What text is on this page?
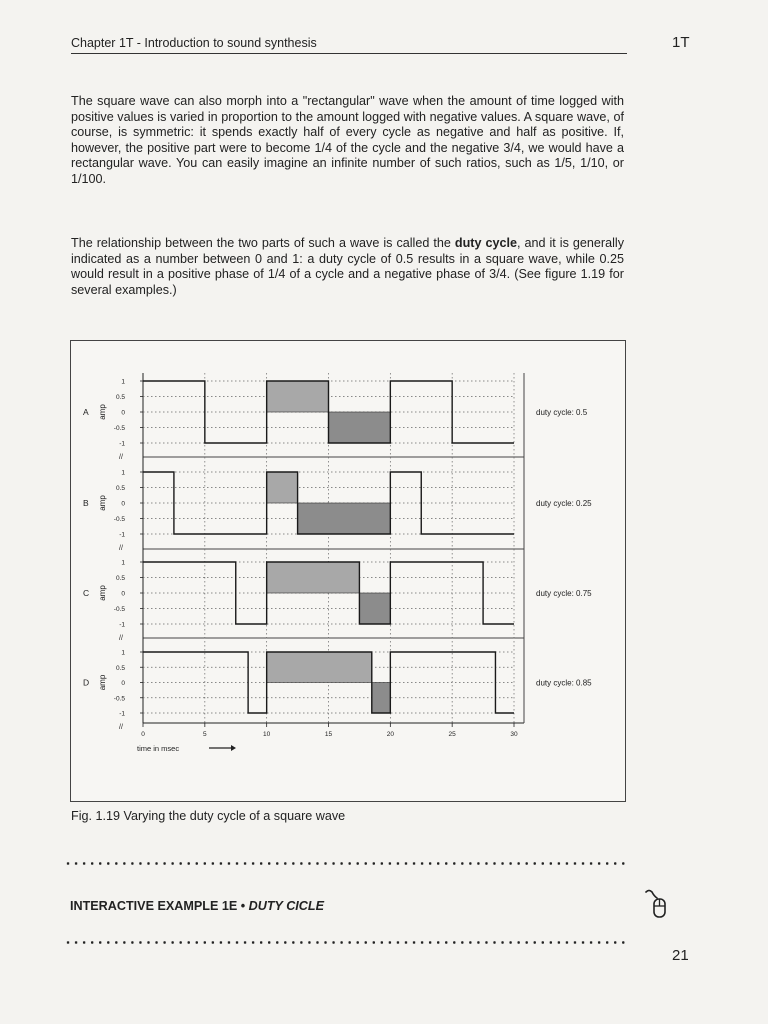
Chapter 1T - Introduction to sound synthesis	1T

The square wave can also morph into a "rectangular" wave when the amount of time logged with positive values is varied in proportion to the amount logged with negative values. A square wave, of course, is symmetric: it spends exactly half of every cycle as negative and half as positive. If, however, the positive part were to become 1/4 of the cycle and the negative 3/4, we would have a rectangular wave. You can easily imagine an infinite number of such ratios, such as 1/5, 1/10, or 1/100.

The relationship between the two parts of such a wave is called the duty cycle, and it is generally indicated as a number between 0 and 1: a duty cycle of 0.5 results in a square wave, while 0.25 would result in a positive phase of 1/4 of a cycle and a negative phase of 3/4. (See figure 1.19 for several examples.)

1
0.5
0
-0.5
-1
//
amp
A	duty cycle: 0.5
1
0.5
0
-0.5
-1
//
amp
B	duty cycle: 0.25
1
0.5
0
-0.5
-1
//
amp
C	duty cycle: 0.75
1
0.5
0
-0.5
-1
//
amp
D	duty cycle: 0.85
0	5	10	15	20	25	30
time in msec
Fig. 1.19 Varying the duty cycle of a square wave
INTERACTIVE EXAMPLE 1E • DUTY CICLE
21
